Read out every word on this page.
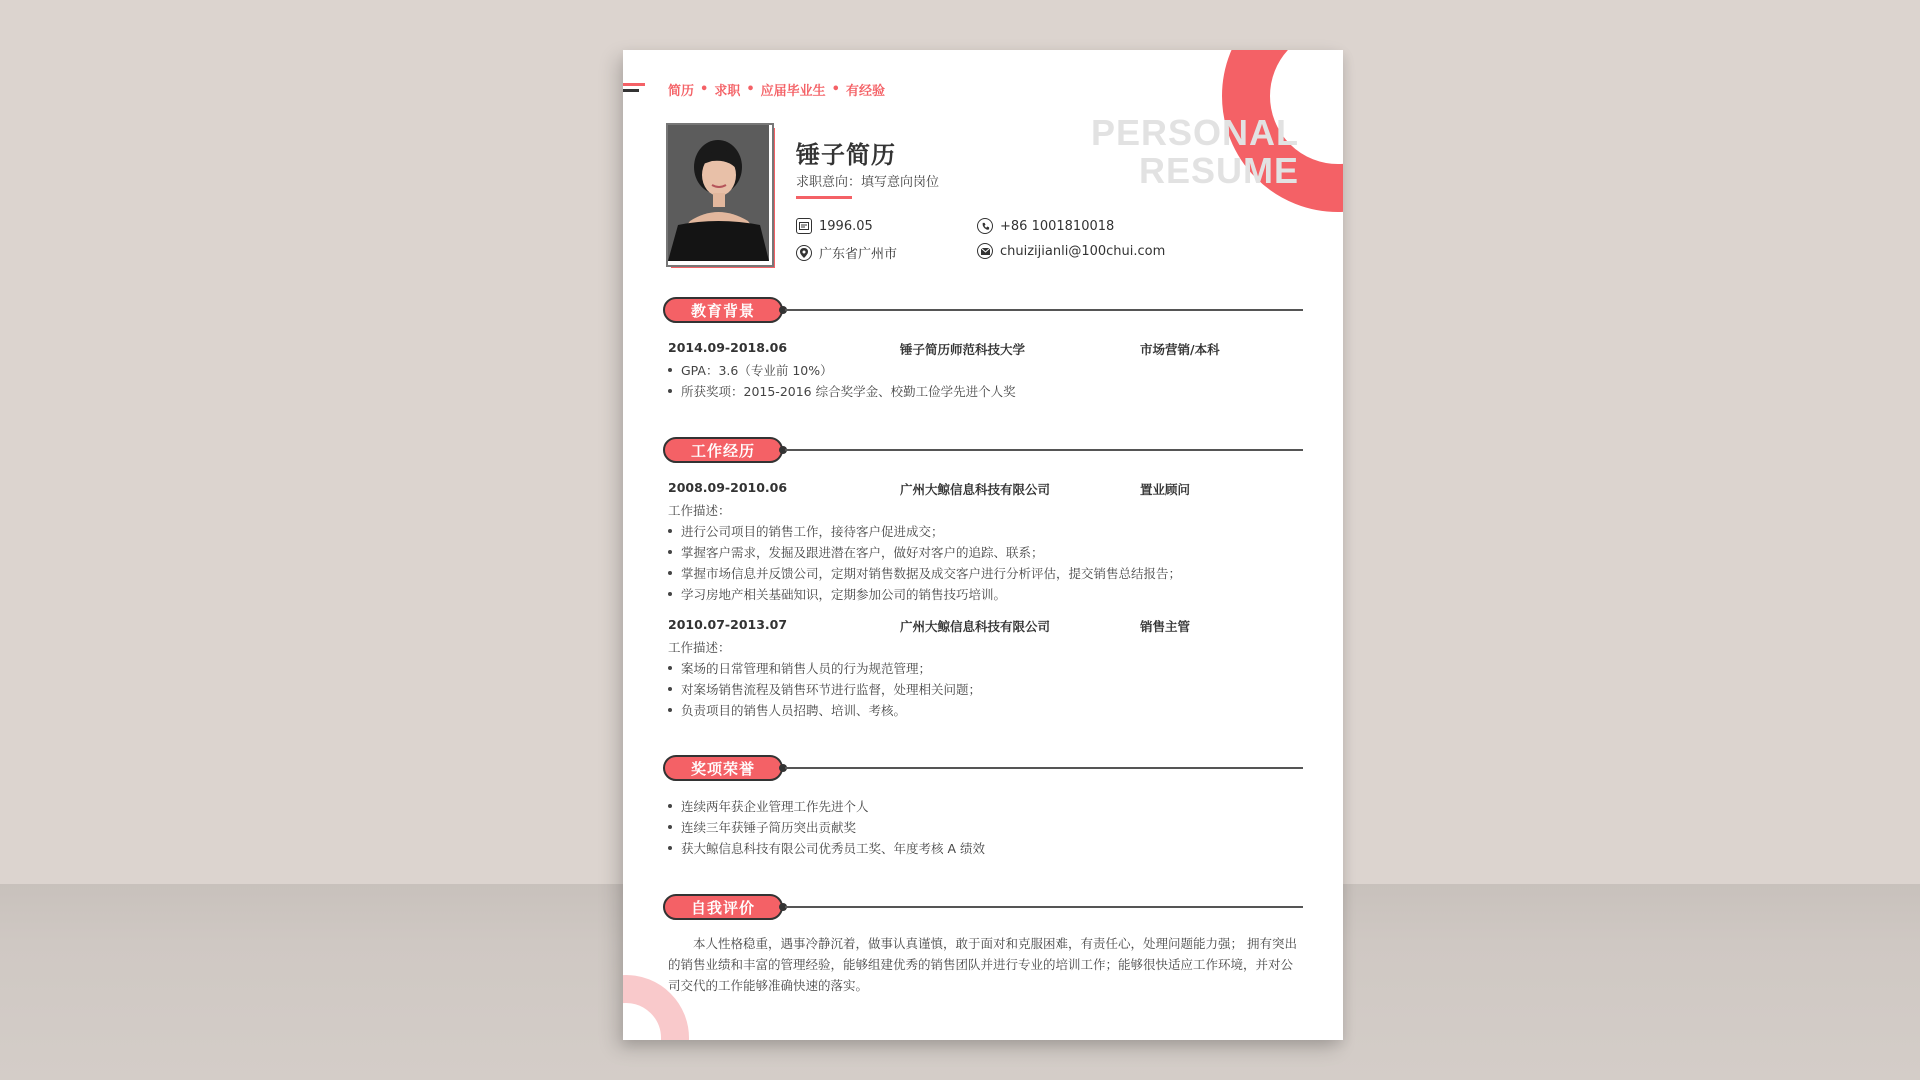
简历 • 求职 • 应届毕业生 • 有经验
PERSONAL
RESUME
锤子简历
求职意向：填写意向岗位
1996.05	+86 1001810018
广东省广州市	chuizijianli@100chui.com
教育背景
2014.09-2018.06	锤子简历师范科技大学	市场营销/本科
GPA：3.6（专业前 10%）
所获奖项：2015-2016 综合奖学金、校勤工俭学先进个人奖
工作经历
2008.09-2010.06	广州大鲸信息科技有限公司	置业顾问
工作描述：
进行公司项目的销售工作，接待客户促进成交；
掌握客户需求，发掘及跟进潜在客户，做好对客户的追踪、联系；
掌握市场信息并反馈公司，定期对销售数据及成交客户进行分析评估，提交销售总结报告；
学习房地产相关基础知识，定期参加公司的销售技巧培训。
2010.07-2013.07	广州大鲸信息科技有限公司	销售主管
工作描述：
案场的日常管理和销售人员的行为规范管理；
对案场销售流程及销售环节进行监督，处理相关问题；
负责项目的销售人员招聘、培训、考核。
奖项荣誉
连续两年获企业管理工作先进个人
连续三年获锤子简历突出贡献奖
获大鲸信息科技有限公司优秀员工奖、年度考核 A 绩效
自我评价
本人性格稳重，遇事冷静沉着，做事认真谨慎，敢于面对和克服困难，有责任心，处理问题能力强； 拥有突出的销售业绩和丰富的管理经验，能够组建优秀的销售团队并进行专业的培训工作；能够很快适应工作环境，并对公司交代的工作能够准确快速的落实。
